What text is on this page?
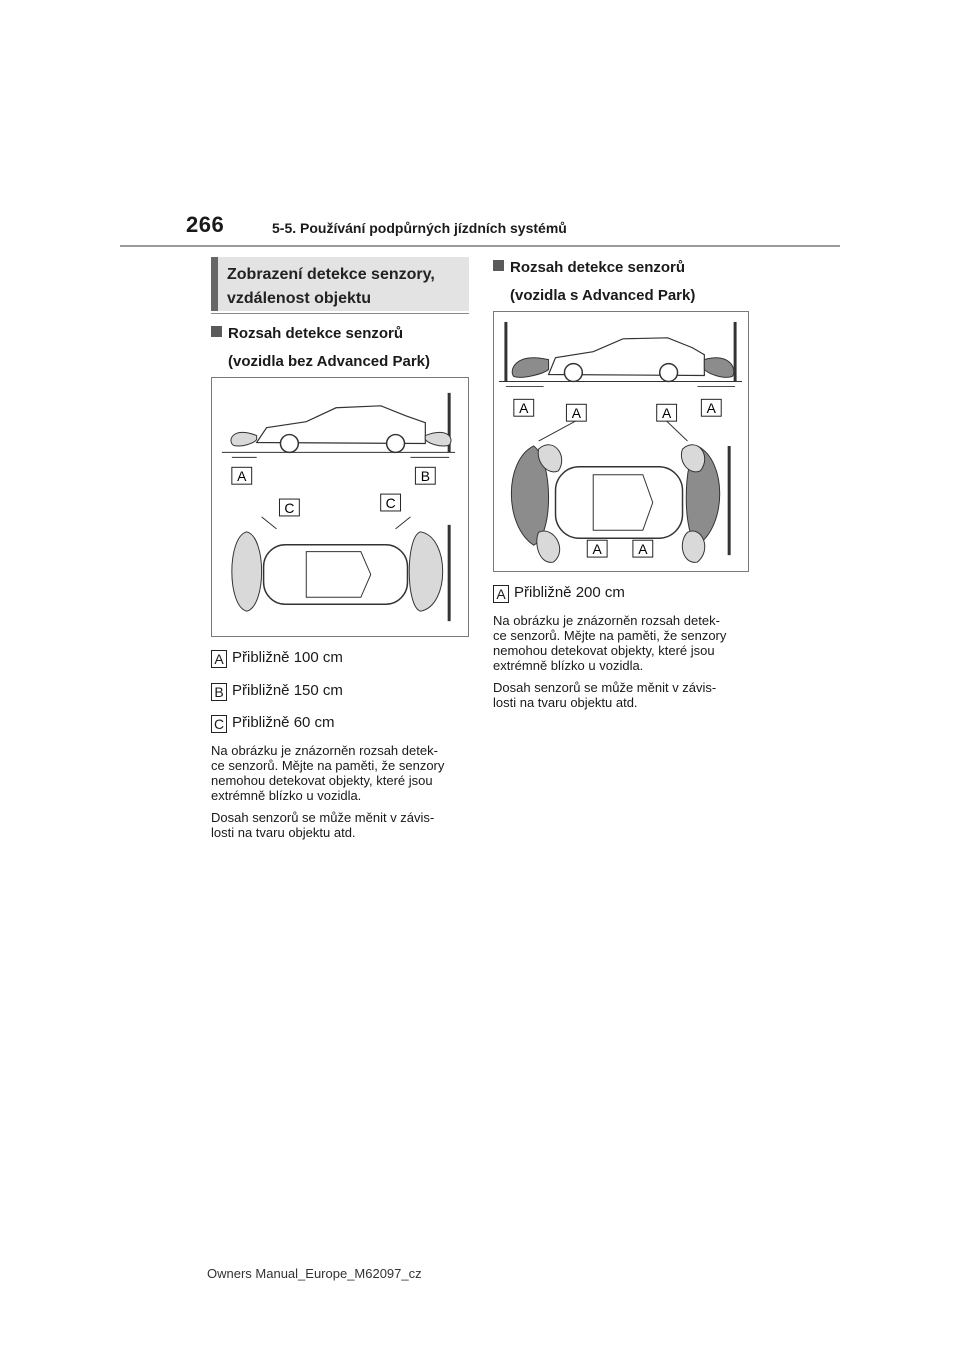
266	5-5. Používání podpůrných jízdních systémů
Zobrazení detekce senzory,
vzdálenost objektu
Rozsah detekce senzorů
(vozidla bez Advanced Park)
A	B
C	C
A Přibližně 100 cm
B Přibližně 150 cm
C Přibližně 60 cm
Na obrázku je znázorněn rozsah detek-
ce senzorů. Mějte na paměti, že senzory
nemohou detekovat objekty, které jsou
extrémně blízko u vozidla.
Dosah senzorů se může měnit v závis-
losti na tvaru objektu atd.
Rozsah detekce senzorů
(vozidla s Advanced Park)
A	A	A	A
A	A
A Přibližně 200 cm
Na obrázku je znázorněn rozsah detek-
ce senzorů. Mějte na paměti, že senzory
nemohou detekovat objekty, které jsou
extrémně blízko u vozidla.
Dosah senzorů se může měnit v závis-
losti na tvaru objektu atd.
Owners Manual_Europe_M62097_cz
